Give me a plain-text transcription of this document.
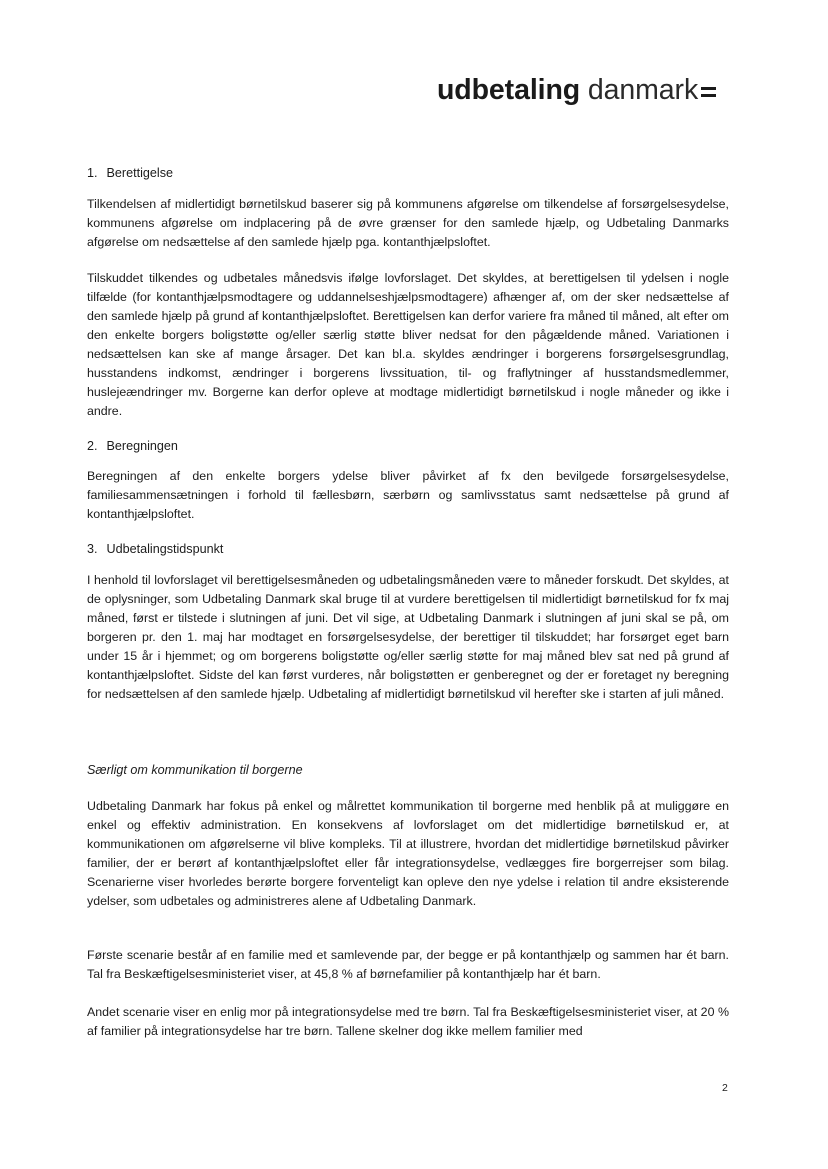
udbetaling danmark
1. Berettigelse

Tilkendelsen af midlertidigt børnetilskud baserer sig på kommunens afgørelse om tilkendelse af forsørgelsesydelse, kommunens afgørelse om indplacering på de øvre grænser for den samlede hjælp, og Udbetaling Danmarks afgørelse om nedsættelse af den samlede hjælp pga. kontanthjælpsloftet.

Tilskuddet tilkendes og udbetales månedsvis ifølge lovforslaget. Det skyldes, at berettigelsen til ydelsen i nogle tilfælde (for kontanthjælpsmodtagere og uddannelseshjælpsmodtagere) afhænger af, om der sker nedsættelse af den samlede hjælp på grund af kontanthjælpsloftet. Berettigelsen kan derfor variere fra måned til måned, alt efter om den enkelte borgers boligstøtte og/eller særlig støtte bliver nedsat for den pågældende måned. Variationen i nedsættelsen kan ske af mange årsager. Det kan bl.a. skyldes ændringer i borgerens forsørgelsesgrundlag, husstandens indkomst, ændringer i borgerens livssituation, til- og fraflytninger af husstandsmedlemmer, huslejeændringer mv. Borgerne kan derfor opleve at modtage midlertidigt børnetilskud i nogle måneder og ikke i andre.

2. Beregningen

Beregningen af den enkelte borgers ydelse bliver påvirket af fx den bevilgede forsørgelsesydelse, familiesammensætningen i forhold til fællesbørn, særbørn og samlivsstatus samt nedsættelse på grund af kontanthjælpsloftet.

3. Udbetalingstidspunkt

I henhold til lovforslaget vil berettigelsesmåneden og udbetalingsmåneden være to måneder forskudt. Det skyldes, at de oplysninger, som Udbetaling Danmark skal bruge til at vurdere berettigelsen til midlertidigt børnetilskud for fx maj måned, først er tilstede i slutningen af juni. Det vil sige, at Udbetaling Danmark i slutningen af juni skal se på, om borgeren pr. den 1. maj har modtaget en forsørgelsesydelse, der berettiger til tilskuddet; har forsørget eget barn under 15 år i hjemmet; og om borgerens boligstøtte og/eller særlig støtte for maj måned blev sat ned på grund af kontanthjælpsloftet. Sidste del kan først vurderes, når boligstøtten er genberegnet og der er foretaget ny beregning for nedsættelsen af den samlede hjælp. Udbetaling af midlertidigt børnetilskud vil herefter ske i starten af juli måned.

Særligt om kommunikation til borgerne

Udbetaling Danmark har fokus på enkel og målrettet kommunikation til borgerne med henblik på at muliggøre en enkel og effektiv administration. En konsekvens af lovforslaget om det midlertidige børnetilskud er, at kommunikationen om afgørelserne vil blive kompleks. Til at illustrere, hvordan det midlertidige børnetilskud påvirker familier, der er berørt af kontanthjælpsloftet eller får integrationsydelse, vedlægges fire borgerrejser som bilag. Scenarierne viser hvorledes berørte borgere forventeligt kan opleve den nye ydelse i relation til andre eksisterende ydelser, som udbetales og administreres alene af Udbetaling Danmark.

Første scenarie består af en familie med et samlevende par, der begge er på kontanthjælp og sammen har ét barn. Tal fra Beskæftigelsesministeriet viser, at 45,8 % af børnefamilier på kontanthjælp har ét barn.

Andet scenarie viser en enlig mor på integrationsydelse med tre børn. Tal fra Beskæftigelsesministeriet viser, at 20 % af familier på integrationsydelse har tre børn. Tallene skelner dog ikke mellem familier med

2
